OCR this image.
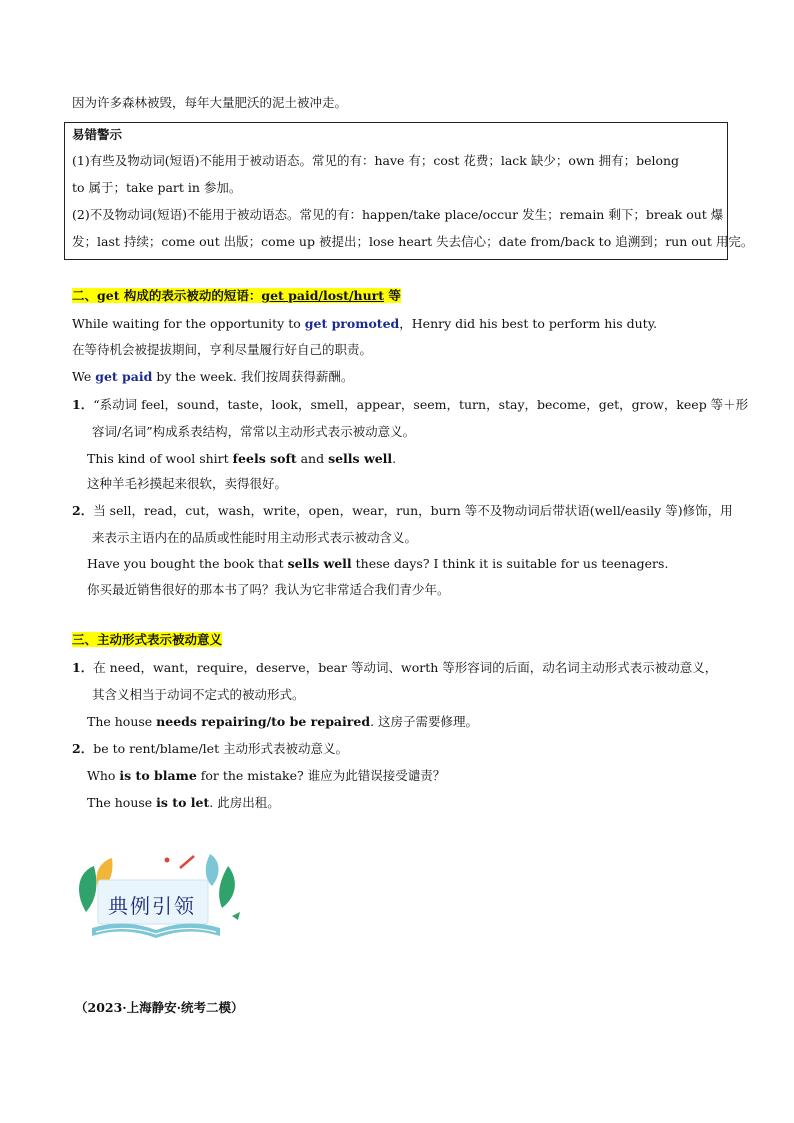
因为许多森林被毁，每年大量肥沃的泥土被冲走。
易错警示
(1)有些及物动词(短语)不能用于被动语态。常见的有：have 有；cost 花费；lack 缺少；own 拥有；belong
to 属于；take part in 参加。
(2)不及物动词(短语)不能用于被动语态。常见的有：happen/take place/occur 发生；remain 剩下；break out 爆
发；last 持续；come out 出版；come up 被提出；lose heart 失去信心；date from/back to 追溯到；run out 用完。
二、get 构成的表示被动的短语：get paid/lost/hurt 等
While waiting for the opportunity to get promoted，Henry did his best to perform his duty.
在等待机会被提拔期间，亨利尽量履行好自己的职责。
We get paid by the week. 我们按周获得薪酬。
1．“系动词 feel，sound，taste，look，smell，appear，seem，turn，stay，become，get，grow，keep 等＋形
容词/名词”构成系表结构，常常以主动形式表示被动意义。
This kind of wool shirt feels soft and sells well.
这种羊毛衫摸起来很软，卖得很好。
2．当 sell，read，cut，wash，write，open，wear，run，burn 等不及物动词后带状语(well/easily 等)修饰，用
来表示主语内在的品质或性能时用主动形式表示被动含义。
Have you bought the book that sells well these days? I think it is suitable for us teenagers.
你买最近销售很好的那本书了吗？我认为它非常适合我们青少年。
三、主动形式表示被动意义
1．在 need，want，require，deserve，bear 等动词、worth 等形容词的后面，动名词主动形式表示被动意义，
其含义相当于动词不定式的被动形式。
The house needs repairing/to be repaired. 这房子需要修理。
2．be to rent/blame/let 主动形式表被动意义。
Who is to blame for the mistake? 谁应为此错误接受谴责？
The house is to let. 此房出租。
典例引领
（2023·上海静安·统考二模）
